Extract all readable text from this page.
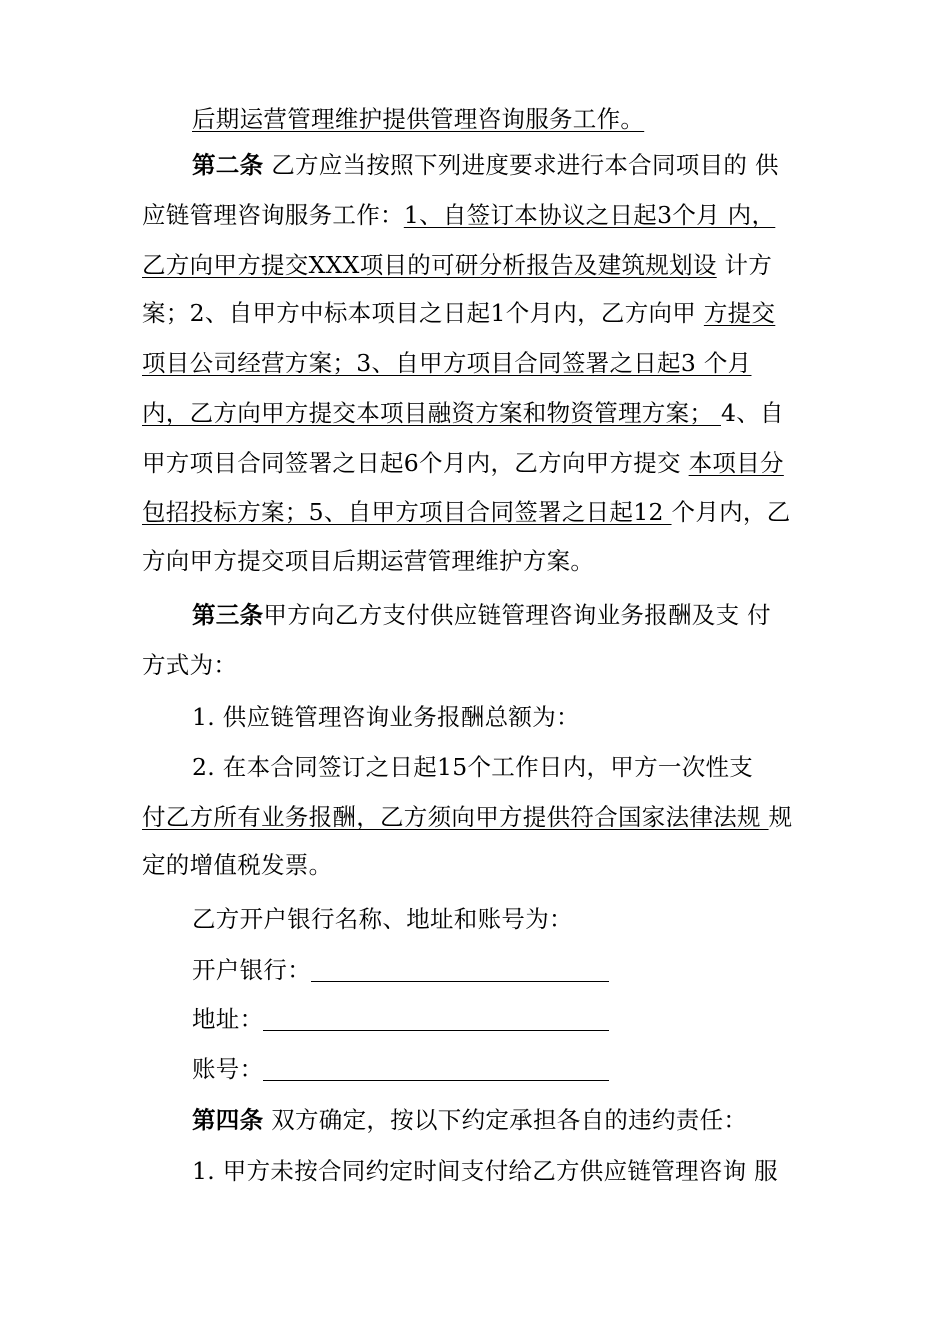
后期运营管理维护提供管理咨询服务工作。
第二条 乙方应当按照下列进度要求进行本合同项目的 供
应链管理咨询服务工作：1、自签订本协议之日起3个月 内，
乙方向甲方提交XXX项目的可研分析报告及建筑规划设 计方
案；2、自甲方中标本项目之日起1个月内，乙方向甲 方提交
项目公司经营方案；3、自甲方项目合同签署之日起3 个月
内，乙方向甲方提交本项目融资方案和物资管理方案； 4、自
甲方项目合同签署之日起6个月内，乙方向甲方提交 本项目分
包招投标方案；5、自甲方项目合同签署之日起12 个月内，乙
方向甲方提交项目后期运营管理维护方案。
第三条甲方向乙方支付供应链管理咨询业务报酬及支 付
方式为：
1. 供应链管理咨询业务报酬总额为：
2. 在本合同签订之日起15个工作日内，甲方一次性支
付乙方所有业务报酬，乙方须向甲方提供符合国家法律法规 规
定的增值税发票。
乙方开户银行名称、地址和账号为：
开户银行：
地址：
账号：
第四条 双方确定，按以下约定承担各自的违约责任：
1. 甲方未按合同约定时间支付给乙方供应链管理咨询 服
